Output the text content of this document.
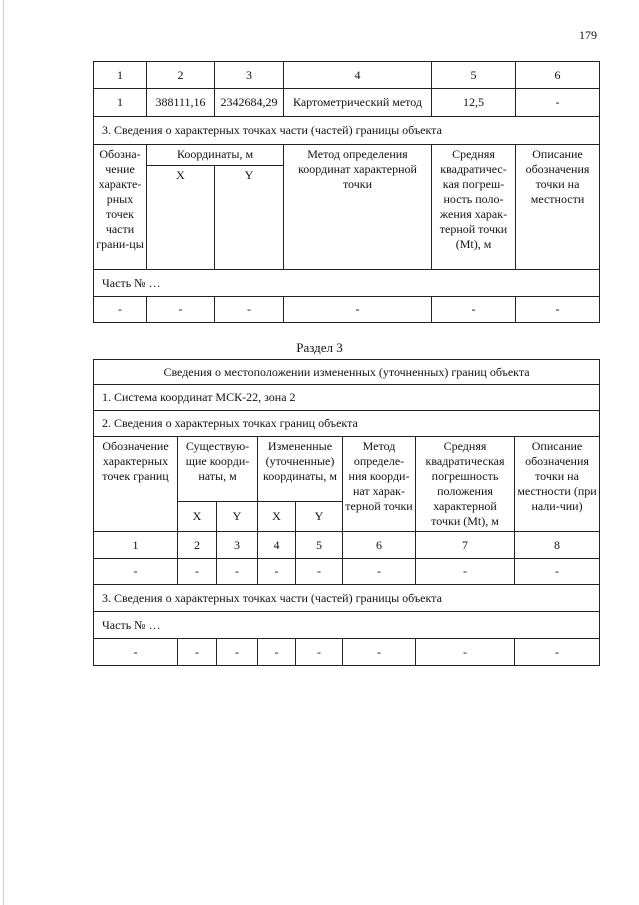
179
1	2	3	4	5	6
1	388111,16	2342684,29	Картометрический метод	12,5	-
3. Сведения о характерных точках части (частей) границы объекта					
Обозна-чение характе-рных точек части грани-цы	Координаты, м		Метод определения координат характерной точки	Средняя квадратичес-кая погреш-ность поло-жения харак-терной точки (Mt), м	Описание обозначения точки на местности
	X	Y			
Часть № …					
-	-	-	-	-	-
Раздел 3
Сведения о местоположении измененных (уточненных) границ объекта							
1. Система координат МСК-22, зона 2							
2. Сведения о характерных точках границ объекта							
Обозначение характерных точек границ	Существую-щие коорди-наты, м		Измененные (уточненные) координаты, м		Метод определе-ния коорди-нат харак-терной точки	Средняя квадратическая погрешность положения характерной точки (Mt), м	Описание обозначения точки на местности (при нали-чии)
	X	Y	X	Y			
1	2	3	4	5	6	7	8
-	-	-	-	-	-	-	-
3. Сведения о характерных точках части (частей) границы объекта							
Часть № …							
-	-	-	-	-	-	-	-
